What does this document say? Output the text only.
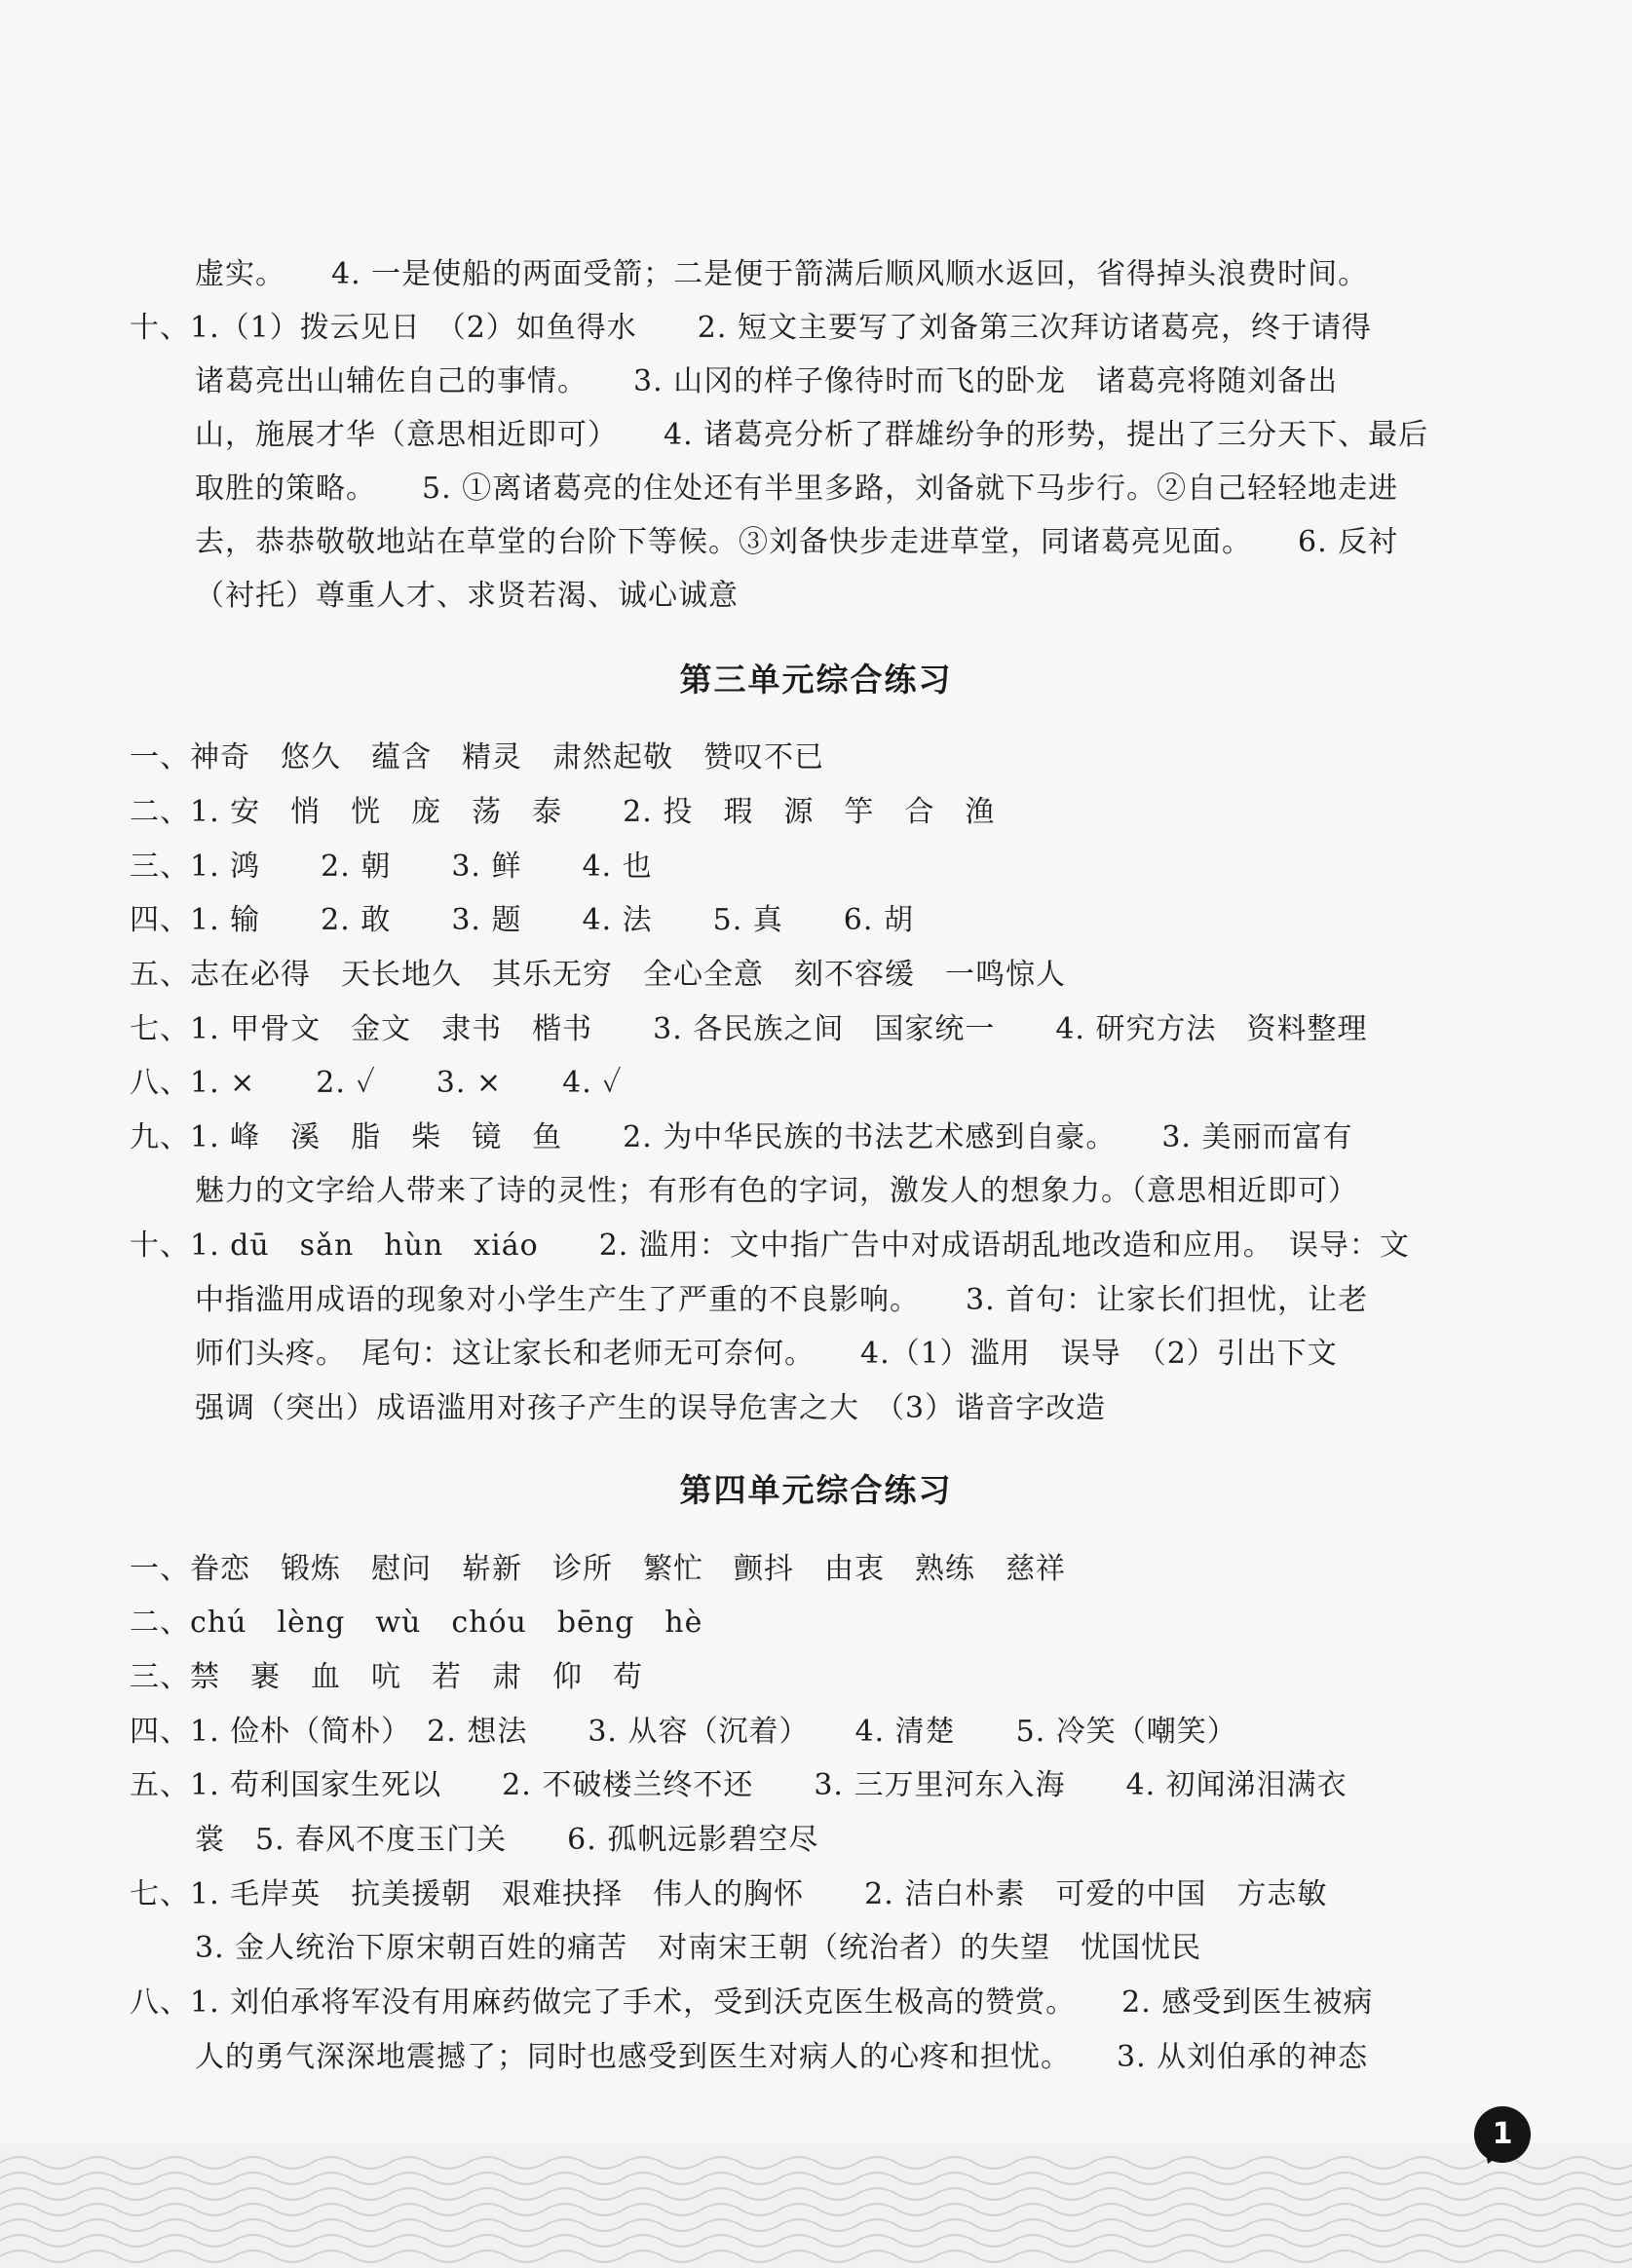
虚实。　　4. 一是使船的两面受箭；二是便于箭满后顺风顺水返回，省得掉头浪费时间。
十、1.（1）拨云见日　（2）如鱼得水　　2. 短文主要写了刘备第三次拜访诸葛亮，终于请得
诸葛亮出山辅佐自己的事情。　　3. 山冈的样子像待时而飞的卧龙　诸葛亮将随刘备出
山，施展才华（意思相近即可）　　4. 诸葛亮分析了群雄纷争的形势，提出了三分天下、最后
取胜的策略。　　5. ①离诸葛亮的住处还有半里多路，刘备就下马步行。②自己轻轻地走进
去，恭恭敬敬地站在草堂的台阶下等候。③刘备快步走进草堂，同诸葛亮见面。　　6. 反衬
（衬托）尊重人才、求贤若渴、诚心诚意
第三单元综合练习
一、神奇　悠久　蕴含　精灵　肃然起敬　赞叹不已
二、1. 安　悄　恍　庞　荡　泰　　2. 投　瑕　源　竽　合　渔
三、1. 鸿　　2. 朝　　3. 鲜　　4. 也
四、1. 输　　2. 敢　　3. 题　　4. 法　　5. 真　　6. 胡
五、志在必得　天长地久　其乐无穷　全心全意　刻不容缓　一鸣惊人
七、1. 甲骨文　金文　隶书　楷书　　3. 各民族之间　国家统一　　4. 研究方法　资料整理
八、1. ×　　2. ✓　　3. ×　　4. ✓
九、1. 峰　溪　脂　柴　镜　鱼　　2. 为中华民族的书法艺术感到自豪。　　3. 美丽而富有
魅力的文字给人带来了诗的灵性；有形有色的字词，激发人的想象力。（意思相近即可）
十、1. dū　sǎn　hùn　xiáo　　2. 滥用：文中指广告中对成语胡乱地改造和应用。　误导：文
中指滥用成语的现象对小学生产生了严重的不良影响。　　3. 首句：让家长们担忧，让老
师们头疼。　尾句：这让家长和老师无可奈何。　　4.（1）滥用　误导　（2）引出下文
强调（突出）成语滥用对孩子产生的误导危害之大　（3）谐音字改造
第四单元综合练习
一、眷恋　锻炼　慰问　崭新　诊所　繁忙　颤抖　由衷　熟练　慈祥
二、chú　lèng　wù　chóu　bēng　hè
三、禁　裹　血　吭　若　肃　仰　苟
四、1. 俭朴（简朴）　2. 想法　　3. 从容（沉着）　　4. 清楚　　5. 冷笑（嘲笑）
五、1. 苟利国家生死以　　2. 不破楼兰终不还　　3. 三万里河东入海　　4. 初闻涕泪满衣
裳　5. 春风不度玉门关　　6. 孤帆远影碧空尽
七、1. 毛岸英　抗美援朝　艰难抉择　伟人的胸怀　　2. 洁白朴素　可爱的中国　方志敏
3. 金人统治下原宋朝百姓的痛苦　对南宋王朝（统治者）的失望　忧国忧民
八、1. 刘伯承将军没有用麻药做完了手术，受到沃克医生极高的赞赏。　　2. 感受到医生被病
人的勇气深深地震撼了；同时也感受到医生对病人的心疼和担忧。　　3. 从刘伯承的神态
1
